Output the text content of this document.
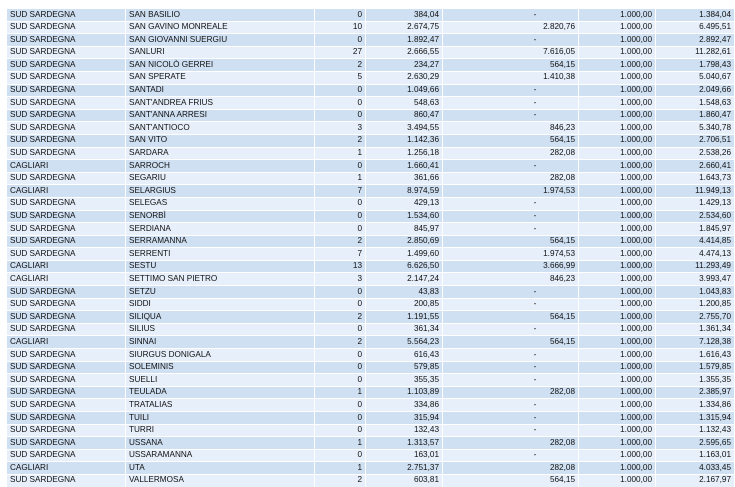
SUD SARDEGNA	SAN BASILIO	0	384,04	-	1.000,00	1.384,04
SUD SARDEGNA	SAN GAVINO MONREALE	10	2.674,75	2.820,76	1.000,00	6.495,51
SUD SARDEGNA	SAN GIOVANNI SUERGIU	0	1.892,47	-	1.000,00	2.892,47
SUD SARDEGNA	SANLURI	27	2.666,55	7.616,05	1.000,00	11.282,61
SUD SARDEGNA	SAN NICOLÒ GERREI	2	234,27	564,15	1.000,00	1.798,43
SUD SARDEGNA	SAN SPERATE	5	2.630,29	1.410,38	1.000,00	5.040,67
SUD SARDEGNA	SANTADI	0	1.049,66	-	1.000,00	2.049,66
SUD SARDEGNA	SANT'ANDREA FRIUS	0	548,63	-	1.000,00	1.548,63
SUD SARDEGNA	SANT'ANNA ARRESI	0	860,47	-	1.000,00	1.860,47
SUD SARDEGNA	SANT'ANTIOCO	3	3.494,55	846,23	1.000,00	5.340,78
SUD SARDEGNA	SAN VITO	2	1.142,36	564,15	1.000,00	2.706,51
SUD SARDEGNA	SARDARA	1	1.256,18	282,08	1.000,00	2.538,26
CAGLIARI	SARROCH	0	1.660,41	-	1.000,00	2.660,41
SUD SARDEGNA	SEGARIU	1	361,66	282,08	1.000,00	1.643,73
CAGLIARI	SELARGIUS	7	8.974,59	1.974,53	1.000,00	11.949,13
SUD SARDEGNA	SELEGAS	0	429,13	-	1.000,00	1.429,13
SUD SARDEGNA	SENORBÌ	0	1.534,60	-	1.000,00	2.534,60
SUD SARDEGNA	SERDIANA	0	845,97	-	1.000,00	1.845,97
SUD SARDEGNA	SERRAMANNA	2	2.850,69	564,15	1.000,00	4.414,85
SUD SARDEGNA	SERRENTI	7	1.499,60	1.974,53	1.000,00	4.474,13
CAGLIARI	SESTU	13	6.626,50	3.666,99	1.000,00	11.293,49
CAGLIARI	SETTIMO SAN PIETRO	3	2.147,24	846,23	1.000,00	3.993,47
SUD SARDEGNA	SETZU	0	43,83	-	1.000,00	1.043,83
SUD SARDEGNA	SIDDI	0	200,85	-	1.000,00	1.200,85
SUD SARDEGNA	SILIQUA	2	1.191,55	564,15	1.000,00	2.755,70
SUD SARDEGNA	SILIUS	0	361,34	-	1.000,00	1.361,34
CAGLIARI	SINNAI	2	5.564,23	564,15	1.000,00	7.128,38
SUD SARDEGNA	SIURGUS DONIGALA	0	616,43	-	1.000,00	1.616,43
SUD SARDEGNA	SOLEMINIS	0	579,85	-	1.000,00	1.579,85
SUD SARDEGNA	SUELLI	0	355,35	-	1.000,00	1.355,35
SUD SARDEGNA	TEULADA	1	1.103,89	282,08	1.000,00	2.385,97
SUD SARDEGNA	TRATALIAS	0	334,86	-	1.000,00	1.334,86
SUD SARDEGNA	TUILI	0	315,94	-	1.000,00	1.315,94
SUD SARDEGNA	TURRI	0	132,43	-	1.000,00	1.132,43
SUD SARDEGNA	USSANA	1	1.313,57	282,08	1.000,00	2.595,65
SUD SARDEGNA	USSARAMANNA	0	163,01	-	1.000,00	1.163,01
CAGLIARI	UTA	1	2.751,37	282,08	1.000,00	4.033,45
SUD SARDEGNA	VALLERMOSA	2	603,81	564,15	1.000,00	2.167,97
